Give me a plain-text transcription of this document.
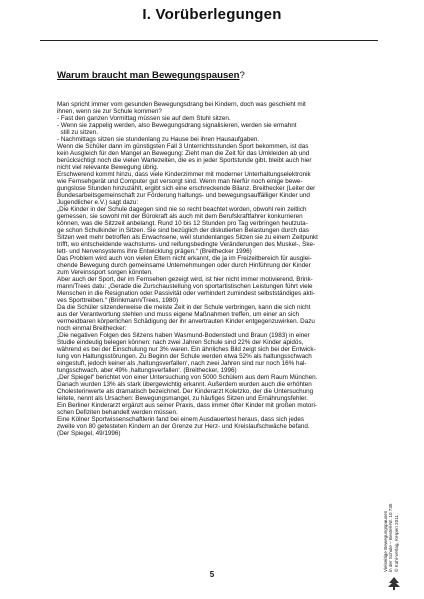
I. Vorüberlegungen
Warum braucht man Bewegungspausen?
Man spricht immer vom gesunden Bewegungsdrang bei Kindern, doch was geschieht mit
ihnen, wenn sie zur Schule kommen?
- Fast den ganzen Vormittag müssen sie auf dem Stuhl sitzen.
- Wenn sie zappelig werden, also Bewegungsdrang signalisieren, werden sie ermahnt
still zu sitzen.
- Nachmittags sitzen sie stundenlang zu Hause bei ihren Hausaufgaben.
Wenn die Schüler dann im günstigsten Fall 3 Unterrichtsstunden Sport bekommen, ist das
kein Ausgleich für den Mangel an Bewegung: Zieht man die Zeit für das Umkleiden ab und
berücksichtigt noch die vielen Wartezeiten, die es in jeder Sportstunde gibt, bleibt auch hier
nicht viel relevante Bewegung übrig.
Erschwerend kommt hinzu, dass viele Kinderzimmer mit moderner Unterhaltungselektronik
wie Fernsehgerät und Computer gut versorgt sind. Wenn man hierfür noch einige bewe-
gungslose Stunden hinzuzählt, ergibt sich eine erschreckende Bilanz. Breithecker (Leiter der
Bundesarbeitsgemeinschaft zur Förderung haltungs- und bewegungsauffälliger Kinder und
Jugendlicher e.V.) sagt dazu:
„Die Kinder in der Schule dagegen sind nie so recht beachtet worden, obwohl rein zeitlich
gemessen, sie sowohl mit der Bürokraft als auch mit dem Berufskraftfahrer konkurrieren
können, was die Sitzzeit anbelangt. Rund 10 bis 12 Stunden pro Tag verbringen heutzuta-
ge schon Schulkinder in Sitzen. Sie sind bezüglich der diskutierten Belastungen durch das
Sitzen weit mehr betroffen als Erwachsene, weil stundenlanges Sitzen sie zu einem Zeitpunkt
trifft, wo entscheidende wachstums- und reifungsbedingte Veränderungen des Muskel-, Ske-
lett- und Nervensystems ihre Entwicklung prägen.“ (Breithecker 1996)
Das Problem wird auch von vielen Eltern nicht erkannt, die ja im Freizeitbereich für ausglei-
chende Bewegung durch gemeinsame Unternehmungen oder durch Hinführung der Kinder
zum Vereinssport sorgen könnten.
Aber auch der Sport, der im Fernsehen gezeigt wird, ist hier nicht immer motivierend. Brink-
mann/Trees datu: „Gerade die Zurschaustellung von sportartistischen Leistungen führt viele
Menschen in die Resignation oder Passivität oder verhindert zumindest selbstständiges akti-
ves Sporttreiben.“ (Brinkmann/Trees, 1980)
Da die Schüler sitzenderweise die meiste Zeit in der Schule verbringen, kann die sich nicht
aus der Verantwortung stehlen und muss eigene Maßnahmen treffen, um einer an sich
vermeidbaren körperlichen Schädigung der ihr anvertrauten Kinder entgegenzuwirken. Dazu
noch einmal Breithecker:
„Die negativen Folgen des Sitzens haben Wasmund-Bodenstedt und Braun (1983) in einer
Studie eindeutig belegen können: nach zwei Jahren Schule sind 22% der Kinder apidös,
während es bei der Einschulung nur 3% waren. Ein ähnliches Bild zeigt sich bei der Entwick-
lung von Haltungsstörungen. Zu Beginn der Schule werden etwa 52% als haltungsschwach
eingestuft, jedoch keiner als ‚haltungsverfallen‘, nach zwei Jahren sind nur noch 16% hal-
tungsschwach, aber 49% ‚haltungsverfallen‘. (Breithecker, 1996)
„Der Spiegel“ berichtet von einer Untersuchung von 5000 Schülern aus dem Raum München.
Danach wurden 13% als stark übergewichtig erkannt. Außerdem wurden auch die erhöhten
Cholesterinwerte als dramatisch bezeichnet. Der Kinderarzt Koletzko, der die Untersuchung
leitete, nennt als Ursachen: Bewegungsmangel, zu häufiges Sitzen und Ernährungsfehler.
Ein Berliner Kinderarzt ergänzt aus seiner Praxis, dass immer öfter Kinder mit großen motori-
schen Defiziten behandelt werden müssen.
Eine Kölner Sportwissenschaftlerin fand bei einem Ausdauertest heraus, dass sich jedes
zweite von 80 getesteten Kindern an der Grenze zur Herz- und Kreislaufschwäche befand.
(Der Spiegel, 49/1996)
5
Vielseitige Bewegungspausen in der Schule – Bestell-Nr. 10 735 © Kohl-Verlag, Kerpen 2011
